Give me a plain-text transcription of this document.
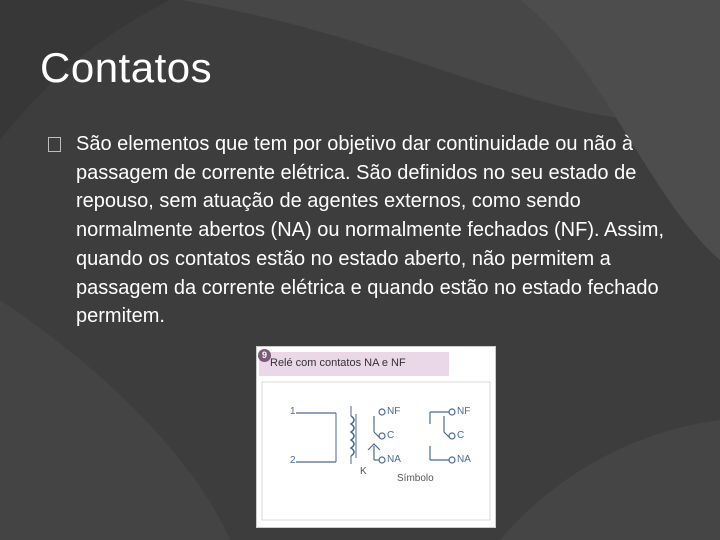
Contatos
São elementos que tem por objetivo dar continuidade ou não à passagem de corrente elétrica. São definidos no seu estado de repouso, sem atuação de agentes externos, como sendo normalmente abertos (NA) ou normalmente fechados (NF). Assim, quando os contatos estão no estado aberto, não permitem a passagem da corrente elétrica e quando estão no estado fechado permitem.
9
Relé com contatos NA e NF
1
2
K
NF
C
NA
NF
C
NA
Símbolo
